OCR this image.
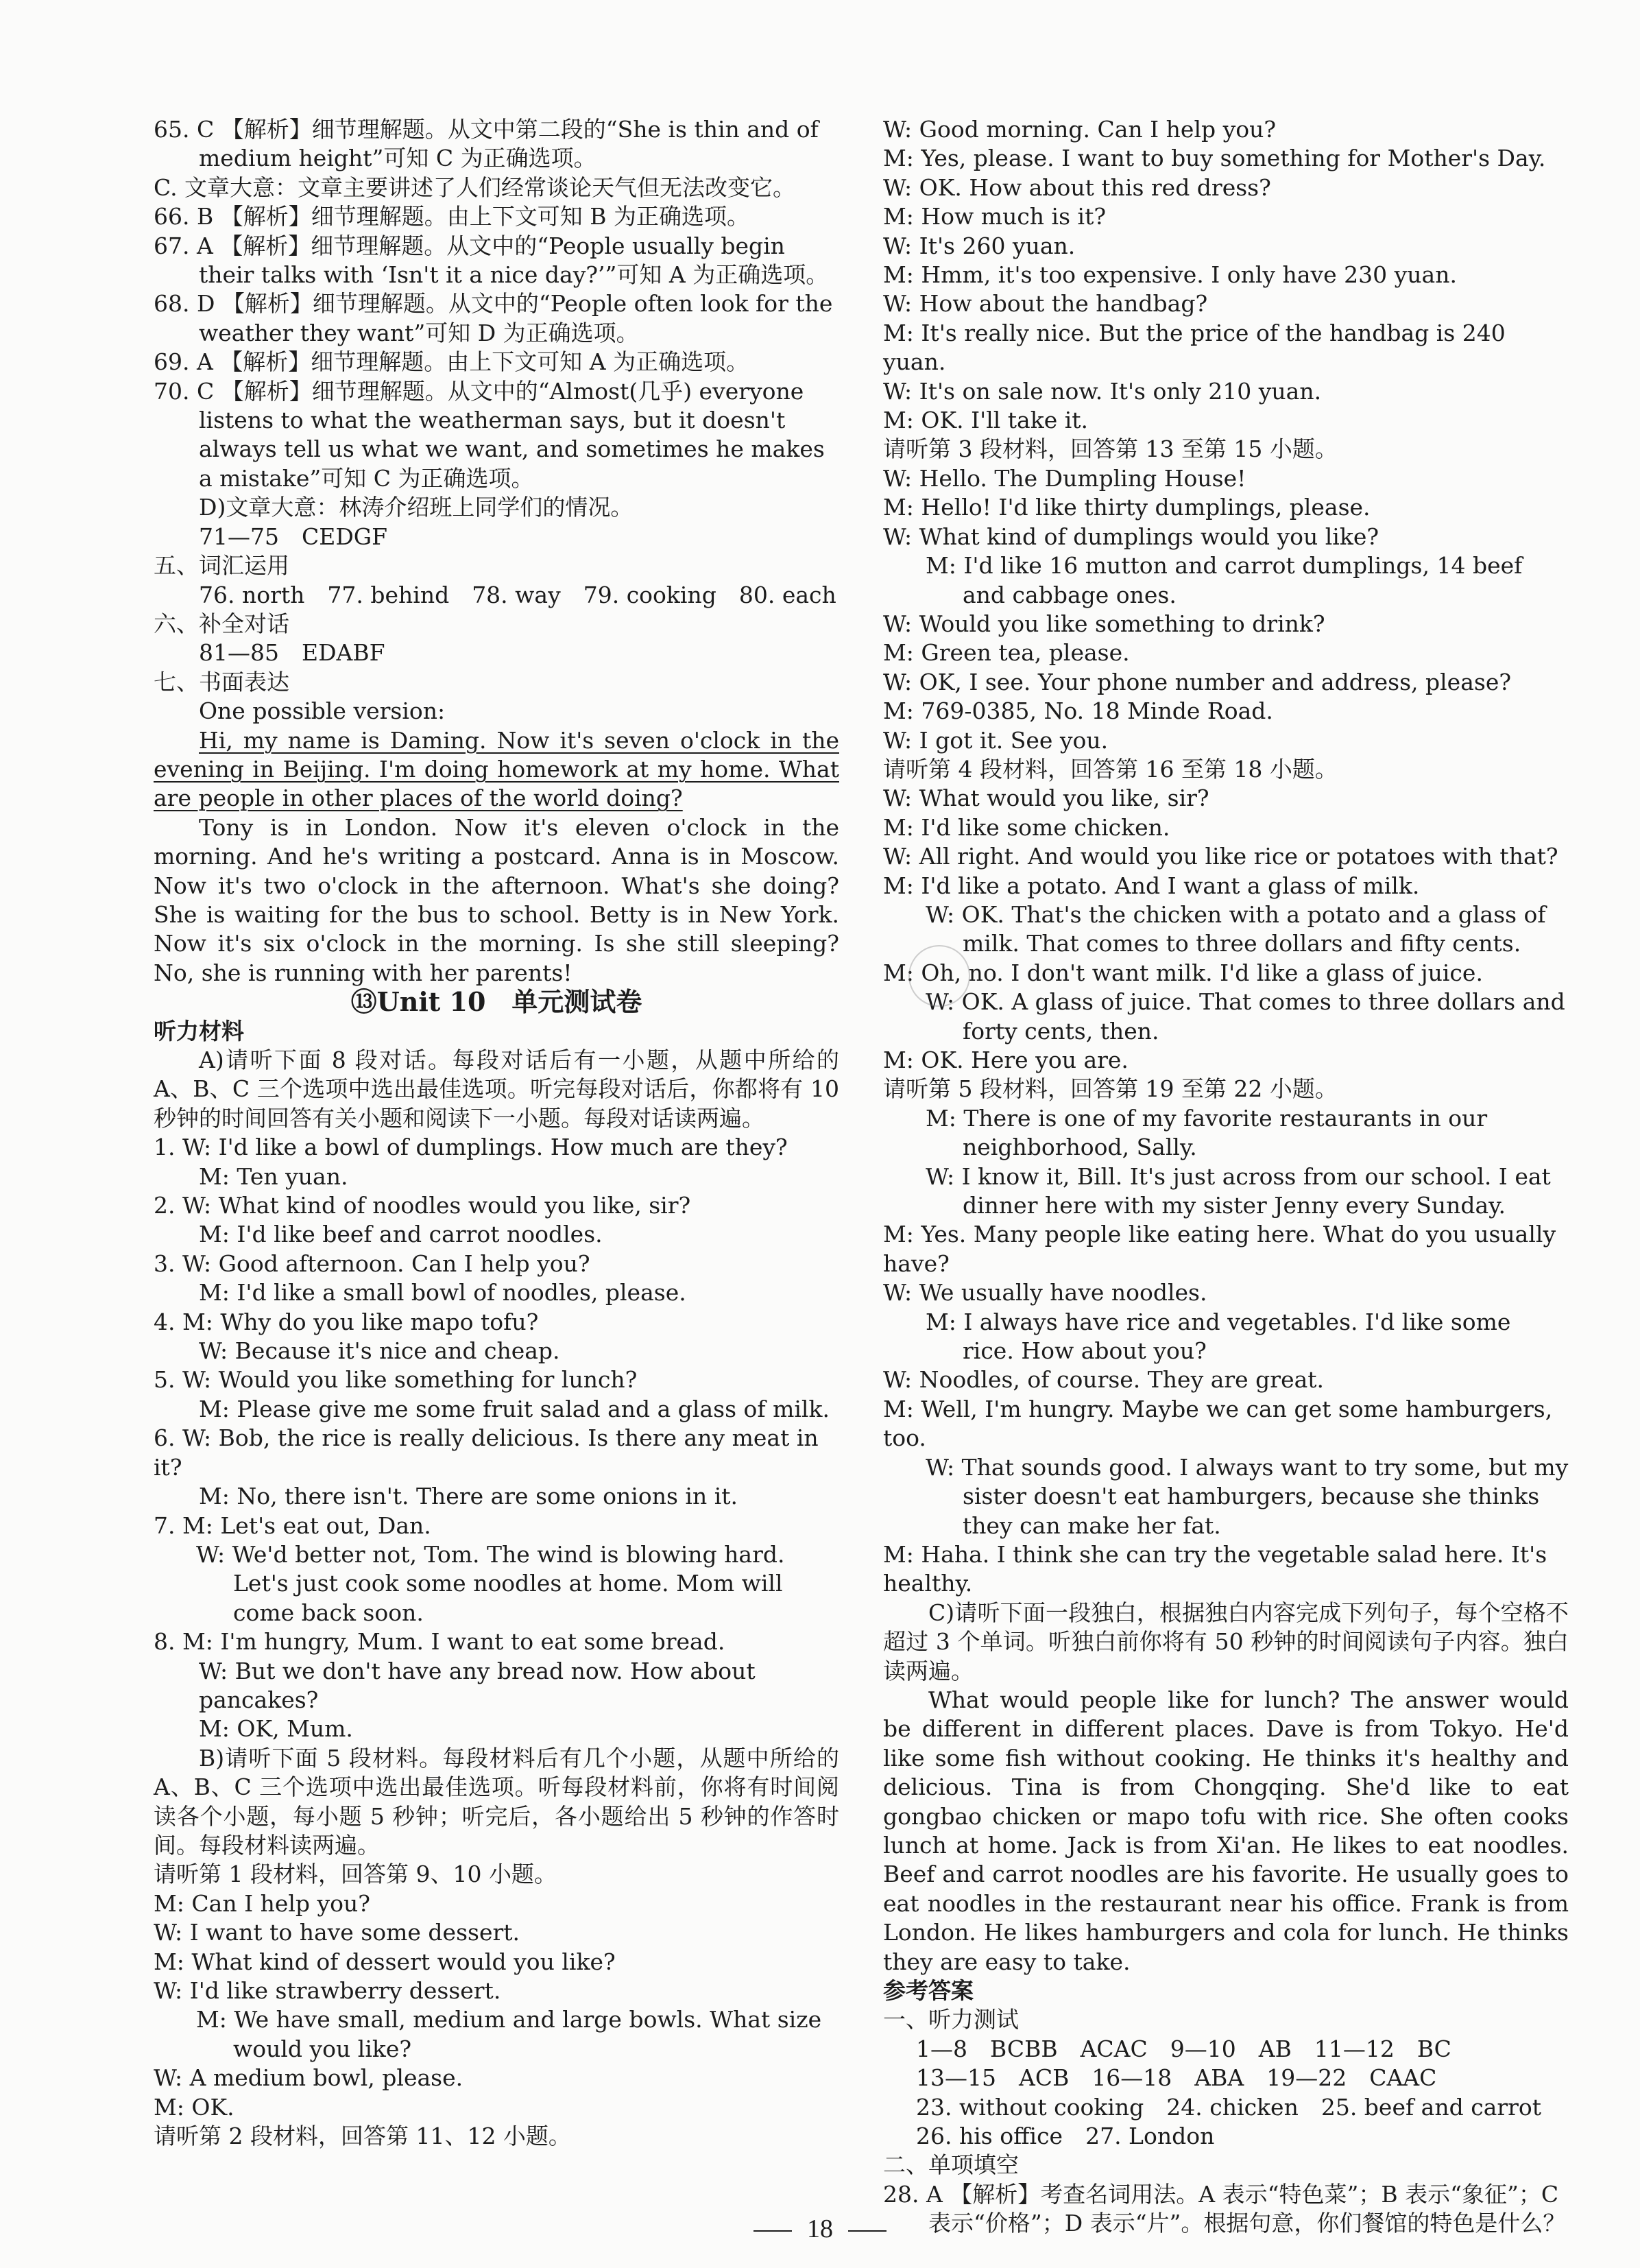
65. C 【解析】细节理解题。从文中第二段的“She is thin and of medium height”可知 C 为正确选项。

C. 文章大意：文章主要讲述了人们经常谈论天气但无法改变它。

66. B 【解析】细节理解题。由上下文可知 B 为正确选项。

67. A 【解析】细节理解题。从文中的“People usually begin their talks with ‘Isn't it a nice day?’”可知 A 为正确选项。

68. D 【解析】细节理解题。从文中的“People often look for the weather they want”可知 D 为正确选项。

69. A 【解析】细节理解题。由上下文可知 A 为正确选项。

70. C 【解析】细节理解题。从文中的“Almost(几乎) everyone listens to what the weatherman says, but it doesn't always tell us what we want, and sometimes he makes a mistake”可知 C 为正确选项。

D)文章大意：林涛介绍班上同学们的情况。

71—75　CEDGF

五、词汇运用

76. north　77. behind　78. way　79. cooking　80. each

六、补全对话

81—85　EDABF

七、书面表达

One possible version:

Hi, my name is Daming. Now it's seven o'clock in the evening in Beijing. I'm doing homework at my home. What are people in other places of the world doing?

Tony is in London. Now it's eleven o'clock in the morning. And he's writing a postcard. Anna is in Moscow. Now it's two o'clock in the afternoon. What's she doing? She is waiting for the bus to school. Betty is in New York. Now it's six o'clock in the morning. Is she still sleeping? No, she is running with her parents!

⑬Unit 10　单元测试卷

听力材料

A)请听下面 8 段对话。每段对话后有一小题，从题中所给的 A、B、C 三个选项中选出最佳选项。听完每段对话后，你都将有 10 秒钟的时间回答有关小题和阅读下一小题。每段对话读两遍。

1. W: I'd like a bowl of dumplings. How much are they?

M: Ten yuan.

2. W: What kind of noodles would you like, sir?

M: I'd like beef and carrot noodles.

3. W: Good afternoon. Can I help you?

M: I'd like a small bowl of noodles, please.

4. M: Why do you like mapo tofu?

W: Because it's nice and cheap.

5. W: Would you like something for lunch?

M: Please give me some fruit salad and a glass of milk.

6. W: Bob, the rice is really delicious. Is there any meat in it?

M: No, there isn't. There are some onions in it.

7. M: Let's eat out, Dan.

W: We'd better not, Tom. The wind is blowing hard. Let's just cook some noodles at home. Mom will come back soon.

8. M: I'm hungry, Mum. I want to eat some bread.

W: But we don't have any bread now. How about pancakes?

M: OK, Mum.

B)请听下面 5 段材料。每段材料后有几个小题，从题中所给的 A、B、C 三个选项中选出最佳选项。听每段材料前，你将有时间阅读各个小题，每小题 5 秒钟；听完后，各小题给出 5 秒钟的作答时间。每段材料读两遍。

请听第 1 段材料，回答第 9、10 小题。

M: Can I help you?

W: I want to have some dessert.

M: What kind of dessert would you like?

W: I'd like strawberry dessert.

M: We have small, medium and large bowls. What size would you like?

W: A medium bowl, please.

M: OK.

请听第 2 段材料，回答第 11、12 小题。

W: Good morning. Can I help you?

M: Yes, please. I want to buy something for Mother's Day.

W: OK. How about this red dress?

M: How much is it?

W: It's 260 yuan.

M: Hmm, it's too expensive. I only have 230 yuan.

W: How about the handbag?

M: It's really nice. But the price of the handbag is 240 yuan.

W: It's on sale now. It's only 210 yuan.

M: OK. I'll take it.

请听第 3 段材料，回答第 13 至第 15 小题。

W: Hello. The Dumpling House!

M: Hello! I'd like thirty dumplings, please.

W: What kind of dumplings would you like?

M: I'd like 16 mutton and carrot dumplings, 14 beef and cabbage ones.

W: Would you like something to drink?

M: Green tea, please.

W: OK, I see. Your phone number and address, please?

M: 769-0385, No. 18 Minde Road.

W: I got it. See you.

请听第 4 段材料，回答第 16 至第 18 小题。

W: What would you like, sir?

M: I'd like some chicken.

W: All right. And would you like rice or potatoes with that?

M: I'd like a potato. And I want a glass of milk.

W: OK. That's the chicken with a potato and a glass of milk. That comes to three dollars and fifty cents.

M: Oh, no. I don't want milk. I'd like a glass of juice.

W: OK. A glass of juice. That comes to three dollars and forty cents, then.

M: OK. Here you are.

请听第 5 段材料，回答第 19 至第 22 小题。

M: There is one of my favorite restaurants in our neighborhood, Sally.

W: I know it, Bill. It's just across from our school. I eat dinner here with my sister Jenny every Sunday.

M: Yes. Many people like eating here. What do you usually have?

W: We usually have noodles.

M: I always have rice and vegetables. I'd like some rice. How about you?

W: Noodles, of course. They are great.

M: Well, I'm hungry. Maybe we can get some hamburgers, too.

W: That sounds good. I always want to try some, but my sister doesn't eat hamburgers, because she thinks they can make her fat.

M: Haha. I think she can try the vegetable salad here. It's healthy.

C)请听下面一段独白，根据独白内容完成下列句子，每个空格不超过 3 个单词。听独白前你将有 50 秒钟的时间阅读句子内容。独白读两遍。

What would people like for lunch? The answer would be different in different places. Dave is from Tokyo. He'd like some fish without cooking. He thinks it's healthy and delicious. Tina is from Chongqing. She'd like to eat gongbao chicken or mapo tofu with rice. She often cooks lunch at home. Jack is from Xi'an. He likes to eat noodles. Beef and carrot noodles are his favorite. He usually goes to eat noodles in the restaurant near his office. Frank is from London. He likes hamburgers and cola for lunch. He thinks they are easy to take.

参考答案

一、听力测试

1—8　BCBB　ACAC　9—10　AB　11—12　BC

13—15　ACB　16—18　ABA　19—22　CAAC

23. without cooking　24. chicken　25. beef and carrot

26. his office　27. London

二、单项填空

28. A 【解析】考查名词用法。A 表示“特色菜”；B 表示“象征”；C 表示“价格”；D 表示“片”。根据句意，你们餐馆的特色是什么？

18
